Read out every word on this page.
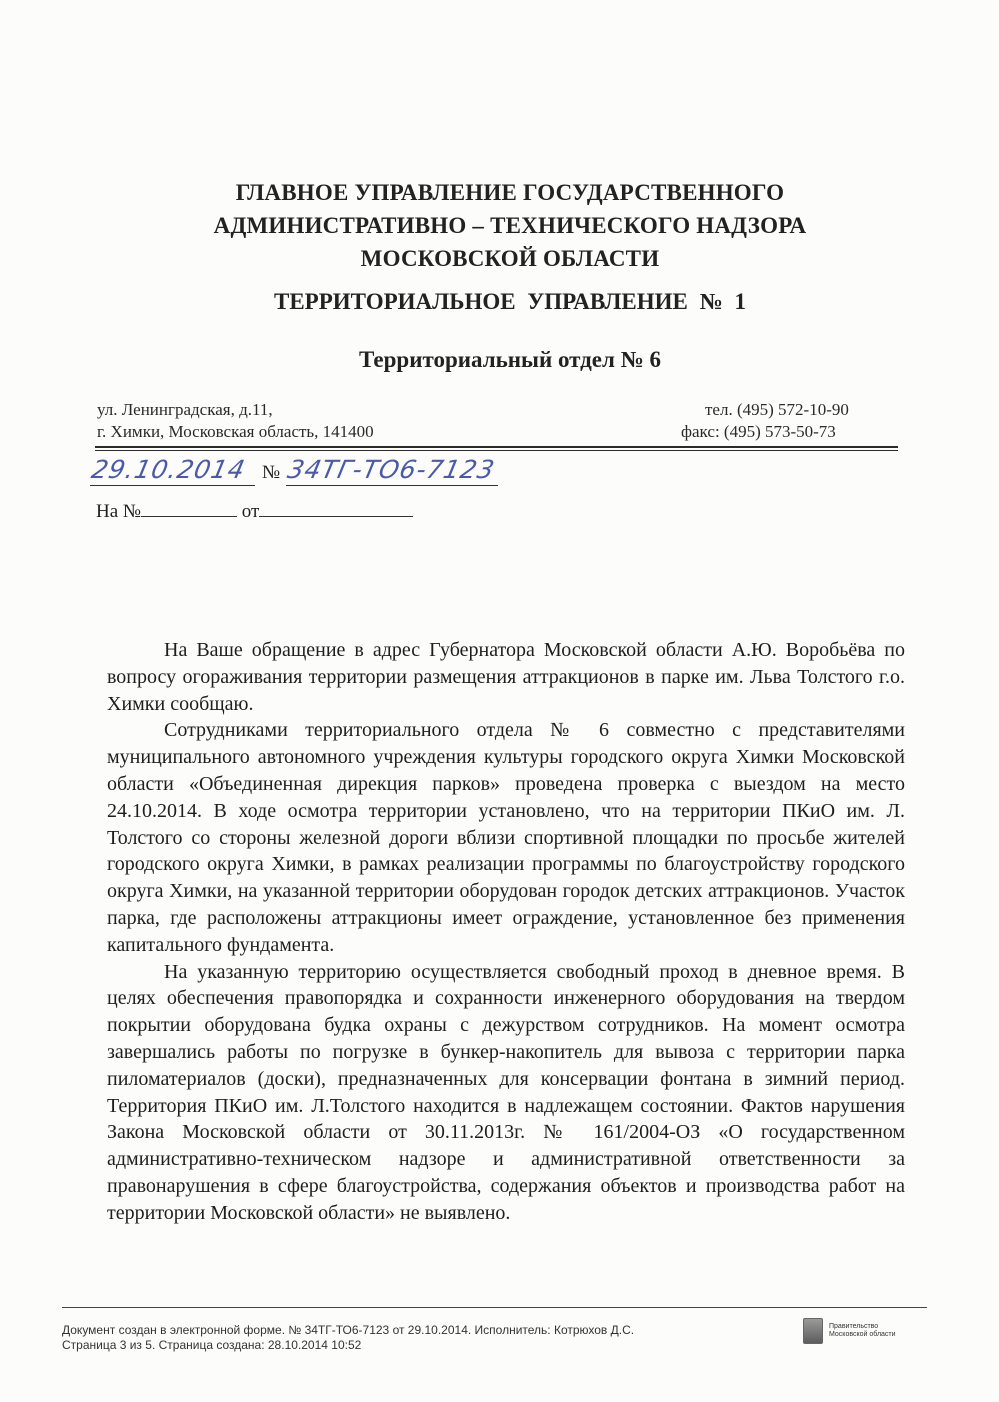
ГЛАВНОЕ УПРАВЛЕНИЕ ГОСУДАРСТВЕННОГО
АДМИНИСТРАТИВНО – ТЕХНИЧЕСКОГО НАДЗОРА
МОСКОВСКОЙ ОБЛАСТИ
ТЕРРИТОРИАЛЬНОЕ УПРАВЛЕНИЕ № 1
Территориальный отдел № 6
ул. Ленинградская, д.11,
г. Химки, Московская область, 141400
тел. (495) 572-10-90
факс: (495) 573-50-73
29.10.2014 № 34ТГ-ТО6-7123
На №	от

На Ваше обращение в адрес Губернатора Московской области А.Ю. Воробьёва по вопросу огораживания территории размещения аттракционов в парке им. Льва Толстого г.о. Химки сообщаю.

Сотрудниками территориального отдела № 6 совместно с представителями муниципального автономного учреждения культуры городского округа Химки Московской области «Объединенная дирекция парков» проведена проверка с выездом на место 24.10.2014. В ходе осмотра территории установлено, что на территории ПКиО им. Л. Толстого со стороны железной дороги вблизи спортивной площадки по просьбе жителей городского округа Химки, в рамках реализации программы по благоустройству городского округа Химки, на указанной территории оборудован городок детских аттракционов. Участок парка, где расположены аттракционы имеет ограждение, установленное без применения капитального фундамента.

На указанную территорию осуществляется свободный проход в дневное время. В целях обеспечения правопорядка и сохранности инженерного оборудования на твердом покрытии оборудована будка охраны с дежурством сотрудников. На момент осмотра завершались работы по погрузке в бункер-накопитель для вывоза с территории парка пиломатериалов (доски), предназначенных для консервации фонтана в зимний период. Территория ПКиО им. Л.Толстого находится в надлежащем состоянии. Фактов нарушения Закона Московской области от 30.11.2013г. № 161/2004-ОЗ «О государственном административно-техническом надзоре и административной ответственности за правонарушения в сфере благоустройства, содержания объектов и производства работ на территории Московской области» не выявлено.

Документ создан в электронной форме. № 34ТГ-ТО6-7123 от 29.10.2014. Исполнитель: Котрюхов Д.С.
Страница 3 из 5. Страница создана: 28.10.2014 10:52
Правительство
Московской области
